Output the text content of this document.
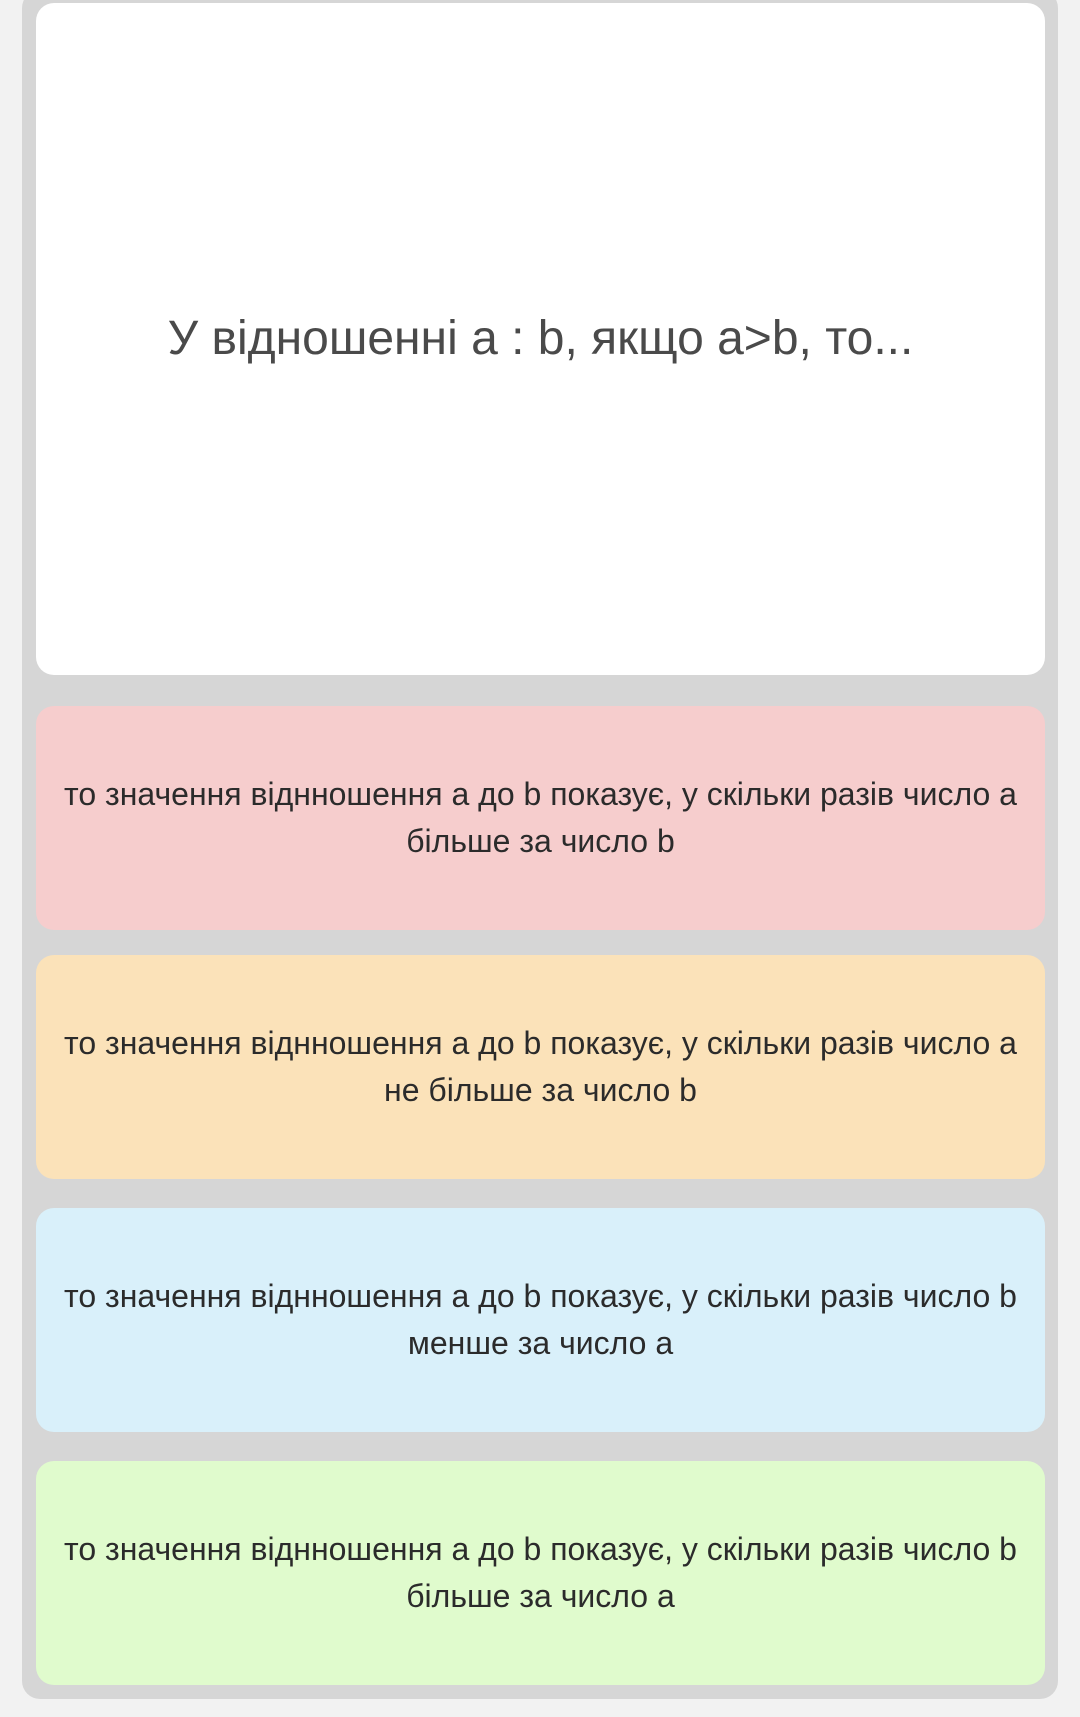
У відношенні a : b, якщо a>b, то...
то значення віднношення a до b показує, у скільки разів число a більше за число b
то значення віднношення a до b показує, у скільки разів число a не більше за число b
то значення віднношення a до b показує, у скільки разів число b менше за число a
то значення віднношення a до b показує, у скільки разів число b більше за число a
